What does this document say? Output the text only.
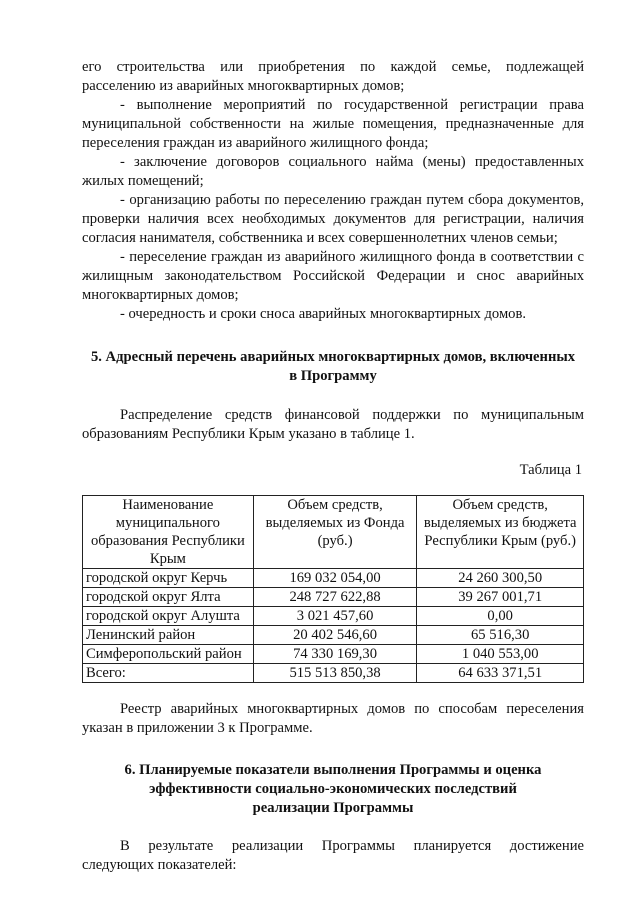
его строительства или приобретения по каждой семье, подлежащей

расселению из аварийных многоквартирных домов;

- выполнение мероприятий по государственной регистрации права муниципальной собственности на жилые помещения, предназначенные для переселения граждан из аварийного жилищного фонда;

- заключение договоров социального найма (мены) предоставленных жилых помещений;

- организацию работы по переселению граждан путем сбора документов, проверки наличия всех необходимых документов для регистрации, наличия согласия нанимателя, собственника и всех совершеннолетних членов семьи;

- переселение граждан из аварийного жилищного фонда в соответствии с жилищным законодательством Российской Федерации и снос аварийных многоквартирных домов;

- очередность и сроки сноса аварийных многоквартирных домов.

5. Адресный перечень аварийных многоквартирных домов, включенных
в Программу

Распределение средств финансовой поддержки по муниципальным образованиям Республики Крым указано в таблице 1.

Таблица 1

Наименование муниципального образования Республики Крым	Объем средств, выделяемых из Фонда (руб.)	Объем средств, выделяемых из бюджета Республики Крым (руб.)
городской округ Керчь	169 032 054,00	24 260 300,50
городской округ Ялта	248 727 622,88	39 267 001,71
городской округ Алушта	3 021 457,60	0,00
Ленинский район	20 402 546,60	65 516,30
Симферопольский район	74 330 169,30	1 040 553,00
Всего:	515 513 850,38	64 633 371,51

Реестр аварийных многоквартирных домов по способам переселения указан в приложении 3 к Программе.

6. Планируемые показатели выполнения Программы и оценка
эффективности социально-экономических последствий
реализации Программы

В результате реализации Программы планируется достижение следующих показателей:
